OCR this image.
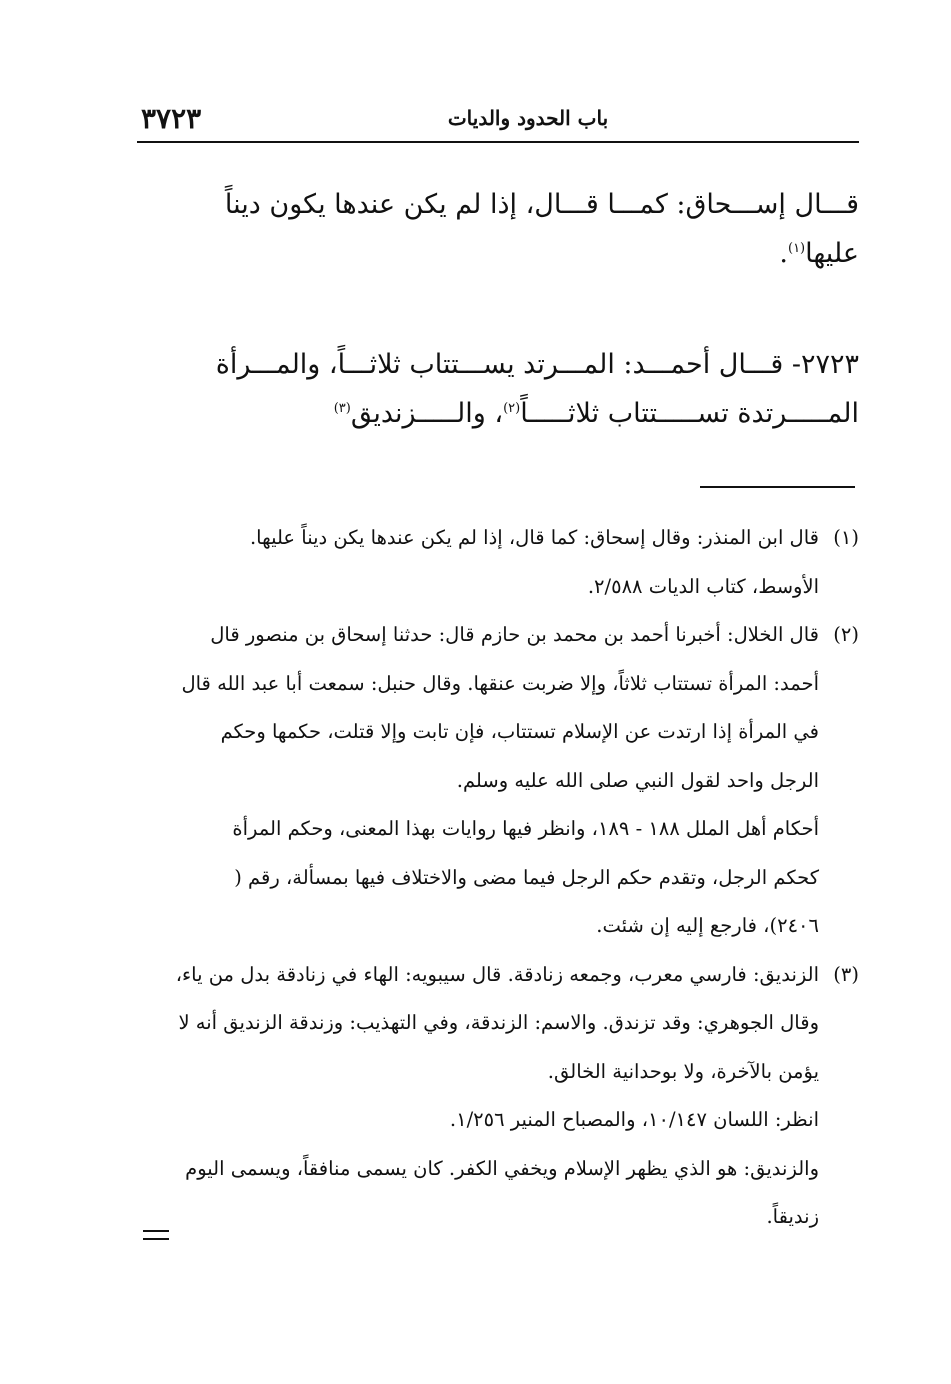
باب الحدود والديات
٣٧٢٣

قـــال إســـحاق: كمـــا قـــال، إذا لم يكن عندها يكون ديناً
عليها$^{(١)}$.

٢٧٢٣- قـــال أحمـــد: المـــرتد يســـتتاب ثلاثـــاً، والمـــرأة
المـــــرتدة تســـــتتاب ثلاثـــــاً$^{(٢)}$، والـــــزنديق$^{(٣)}$

(١)

قال ابن المنذر: وقال إسحاق: كما قال، إذا لم يكن عندها يكن ديناً عليها.

الأوسط، كتاب الديات ٢/٥٨٨.

(٢)

قال الخلال: أخبرنا أحمد بن محمد بن حازم قال: حدثنا إسحاق بن منصور قال

أحمد: المرأة تستتاب ثلاثاً، وإلا ضربت عنقها. وقال حنبل: سمعت أبا عبد الله قال

في المرأة إذا ارتدت عن الإسلام تستتاب، فإن تابت وإلا قتلت، حكمها وحكم

الرجل واحد لقول النبي صلى الله عليه وسلم.

أحكام أهل الملل ١٨٨ - ١٨٩، وانظر فيها روايات بهذا المعنى، وحكم المرأة

كحكم الرجل، وتقدم حكم الرجل فيما مضى والاختلاف فيها بمسألة، رقم (

٢٤٠٦)، فارجع إليه إن شئت.

(٣)

الزنديق: فارسي معرب، وجمعه زنادقة. قال سيبويه: الهاء في زنادقة بدل من ياء،

وقال الجوهري: وقد تزندق. والاسم: الزندقة، وفي التهذيب: وزندقة الزنديق أنه لا

يؤمن بالآخرة، ولا بوحدانية الخالق.

انظر: اللسان ١٠/١٤٧، والمصباح المنير ١/٢٥٦.

والزنديق: هو الذي يظهر الإسلام ويخفي الكفر. كان يسمى منافقاً، ويسمى اليوم

زنديقاً.
